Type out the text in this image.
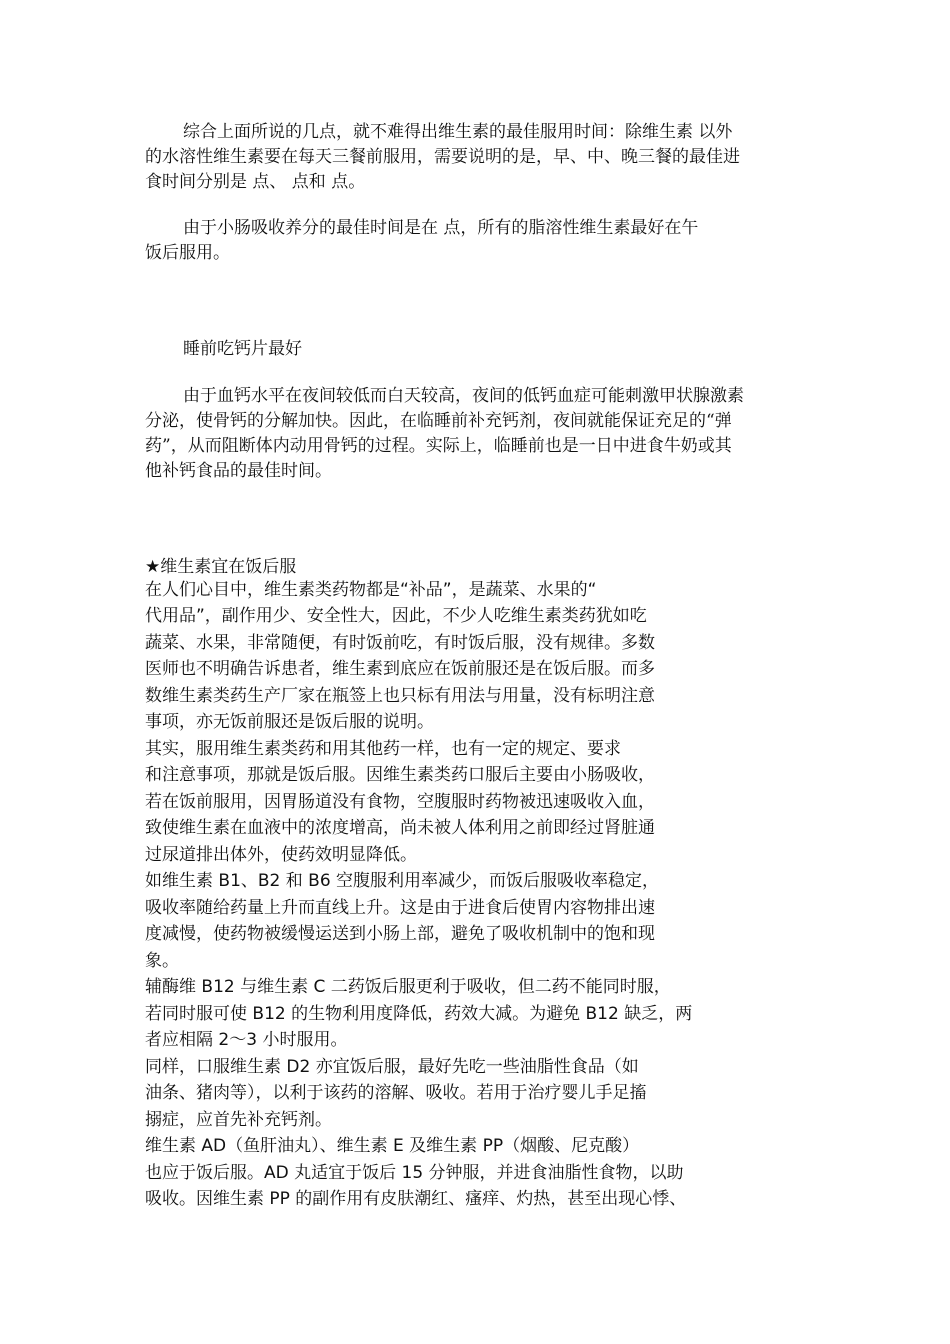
综合上面所说的几点，就不难得出维生素的最佳服用时间：除维生素 以外
的水溶性维生素要在每天三餐前服用，需要说明的是，早、中、晚三餐的最佳进
食时间分别是 点、 点和 点。
由于小肠吸收养分的最佳时间是在 点，所有的脂溶性维生素最好在午
饭后服用。
睡前吃钙片最好
由于血钙水平在夜间较低而白天较高，夜间的低钙血症可能刺激甲状腺激素
分泌，使骨钙的分解加快。因此，在临睡前补充钙剂，夜间就能保证充足的“弹
药”，从而阻断体内动用骨钙的过程。实际上，临睡前也是一日中进食牛奶或其
他补钙食品的最佳时间。
★维生素宜在饭后服
在人们心目中，维生素类药物都是“补品”，是蔬菜、水果的“
代用品”，副作用少、安全性大，因此，不少人吃维生素类药犹如吃
蔬菜、水果，非常随便，有时饭前吃，有时饭后服，没有规律。多数
医师也不明确告诉患者，维生素到底应在饭前服还是在饭后服。而多
数维生素类药生产厂家在瓶签上也只标有用法与用量，没有标明注意
事项，亦无饭前服还是饭后服的说明。
其实，服用维生素类药和用其他药一样，也有一定的规定、要求
和注意事项，那就是饭后服。因维生素类药口服后主要由小肠吸收，
若在饭前服用，因胃肠道没有食物，空腹服时药物被迅速吸收入血，
致使维生素在血液中的浓度增高，尚未被人体利用之前即经过肾脏通
过尿道排出体外，使药效明显降低。
如维生素 B1、B2 和 B6 空腹服利用率减少，而饭后服吸收率稳定，
吸收率随给药量上升而直线上升。这是由于进食后使胃内容物排出速
度减慢，使药物被缓慢运送到小肠上部，避免了吸收机制中的饱和现
象。
辅酶维 B12 与维生素 C 二药饭后服更利于吸收，但二药不能同时服，
若同时服可使 B12 的生物利用度降低，药效大减。为避免 B12 缺乏，两
者应相隔 2～3 小时服用。
同样，口服维生素 D2 亦宜饭后服，最好先吃一些油脂性食品（如
油条、猪肉等），以利于该药的溶解、吸收。若用于治疗婴儿手足搐
搦症，应首先补充钙剂。
维生素 AD（鱼肝油丸）、维生素 E 及维生素 PP（烟酸、尼克酸）
也应于饭后服。AD 丸适宜于饭后 15 分钟服，并进食油脂性食物，以助
吸收。因维生素 PP 的副作用有皮肤潮红、瘙痒、灼热，甚至出现心悸、
